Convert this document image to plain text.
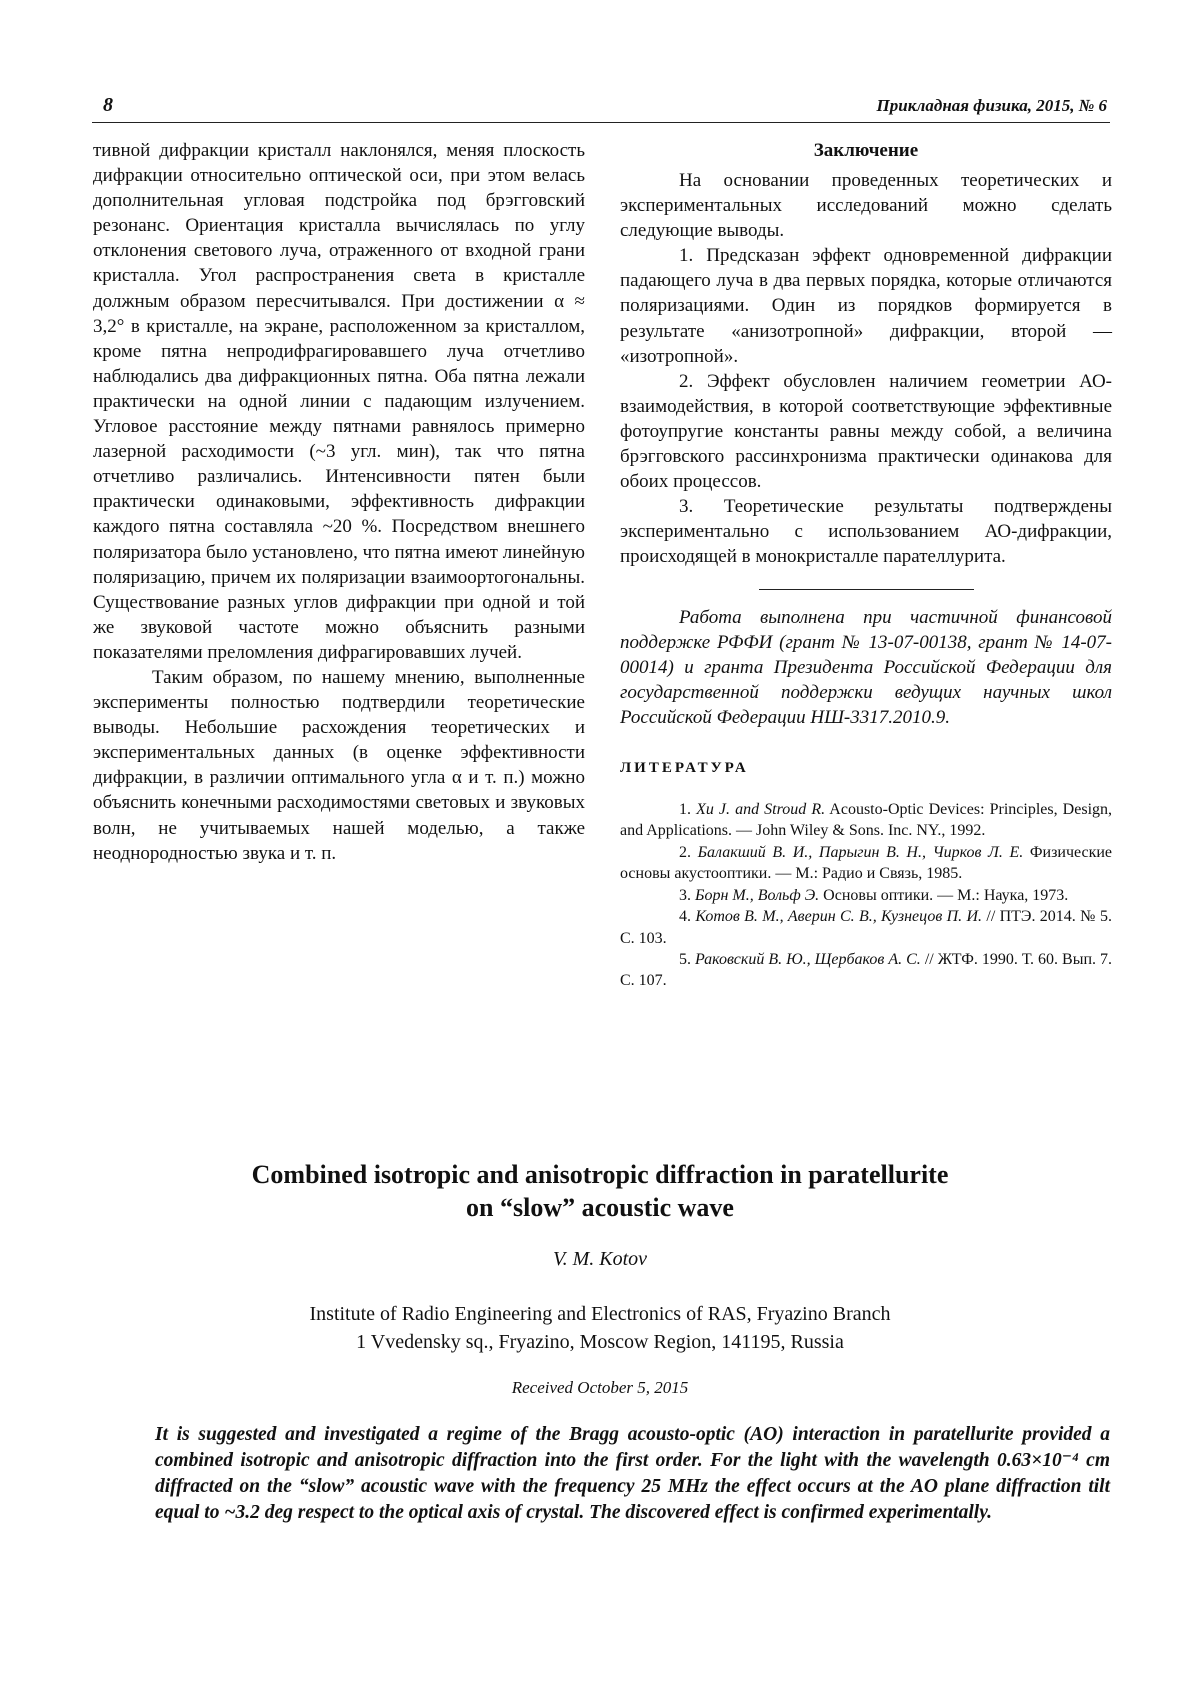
8	Прикладная физика, 2015, № 6

тивной дифракции кристалл наклонялся, меняя плоскость дифракции относительно оптической оси, при этом велась дополнительная угловая подстройка под брэгговский резонанс. Ориентация кристалла вычислялась по углу отклонения светового луча, отраженного от входной грани кристалла. Угол распространения света в кристалле должным образом пересчитывался. При достижении α ≈ 3,2° в кристалле, на экране, расположенном за кристаллом, кроме пятна непродифрагировавшего луча отчетливо наблюдались два дифракционных пятна. Оба пятна лежали практически на одной линии с падающим излучением. Угловое расстояние между пятнами равнялось примерно лазерной расходимости (~3 угл. мин), так что пятна отчетливо различались. Интенсивности пятен были практически одинаковыми, эффективность дифракции каждого пятна составляла ~20 %. Посредством внешнего поляризатора было установлено, что пятна имеют линейную поляризацию, причем их поляризации взаимоортогональны. Существование разных углов дифракции при одной и той же звуковой частоте можно объяснить разными показателями преломления дифрагировавших лучей.

Таким образом, по нашему мнению, выполненные эксперименты полностью подтвердили теоретические выводы. Небольшие расхождения теоретических и экспериментальных данных (в оценке эффективности дифракции, в различии оптимального угла α и т. п.) можно объяснить конечными расходимостями световых и звуковых волн, не учитываемых нашей моделью, а также неоднородностью звука и т. п.

Заключение

На основании проведенных теоретических и экспериментальных исследований можно сделать следующие выводы.

1. Предсказан эффект одновременной дифракции падающего луча в два первых порядка, которые отличаются поляризациями. Один из порядков формируется в результате «анизотропной» дифракции, второй — «изотропной».

2. Эффект обусловлен наличием геометрии АО-взаимодействия, в которой соответствующие эффективные фотоупругие константы равны между собой, а величина брэгговского рассинхронизма практически одинакова для обоих процессов.

3. Теоретические результаты подтверждены экспериментально с использованием АО-дифракции, происходящей в монокристалле парателлурита.

Работа выполнена при частичной финансовой поддержке РФФИ (грант № 13-07-00138, грант № 14-07-00014) и гранта Президента Российской Федерации для государственной поддержки ведущих научных школ Российской Федерации НШ-3317.2010.9.

ЛИТЕРАТУРА

1. Xu J. and Stroud R. Acousto-Optic Devices: Principles, Design, and Applications. — John Wiley & Sons. Inc. NY., 1992.

2. Балакший В. И., Парыгин В. Н., Чирков Л. Е. Физические основы акустооптики. — М.: Радио и Связь, 1985.

3. Борн М., Вольф Э. Основы оптики. — М.: Наука, 1973.

4. Котов В. М., Аверин С. В., Кузнецов П. И. // ПТЭ. 2014. № 5. С. 103.

5. Раковский В. Ю., Щербаков А. С. // ЖТФ. 1990. Т. 60. Вып. 7. С. 107.

Combined isotropic and anisotropic diffraction in paratellurite
on “slow” acoustic wave
V. M. Kotov
Institute of Radio Engineering and Electronics of RAS, Fryazino Branch
1 Vvedensky sq., Fryazino, Moscow Region, 141195, Russia
Received October 5, 2015
It is suggested and investigated a regime of the Bragg acousto-optic (AO) interaction in paratellurite provided a combined isotropic and anisotropic diffraction into the first order. For the light with the wavelength 0.63×10⁻⁴ cm diffracted on the “slow” acoustic wave with the frequency 25 MHz the effect occurs at the AO plane diffraction tilt equal to ~3.2 deg respect to the optical axis of crystal. The discovered effect is confirmed experimentally.
